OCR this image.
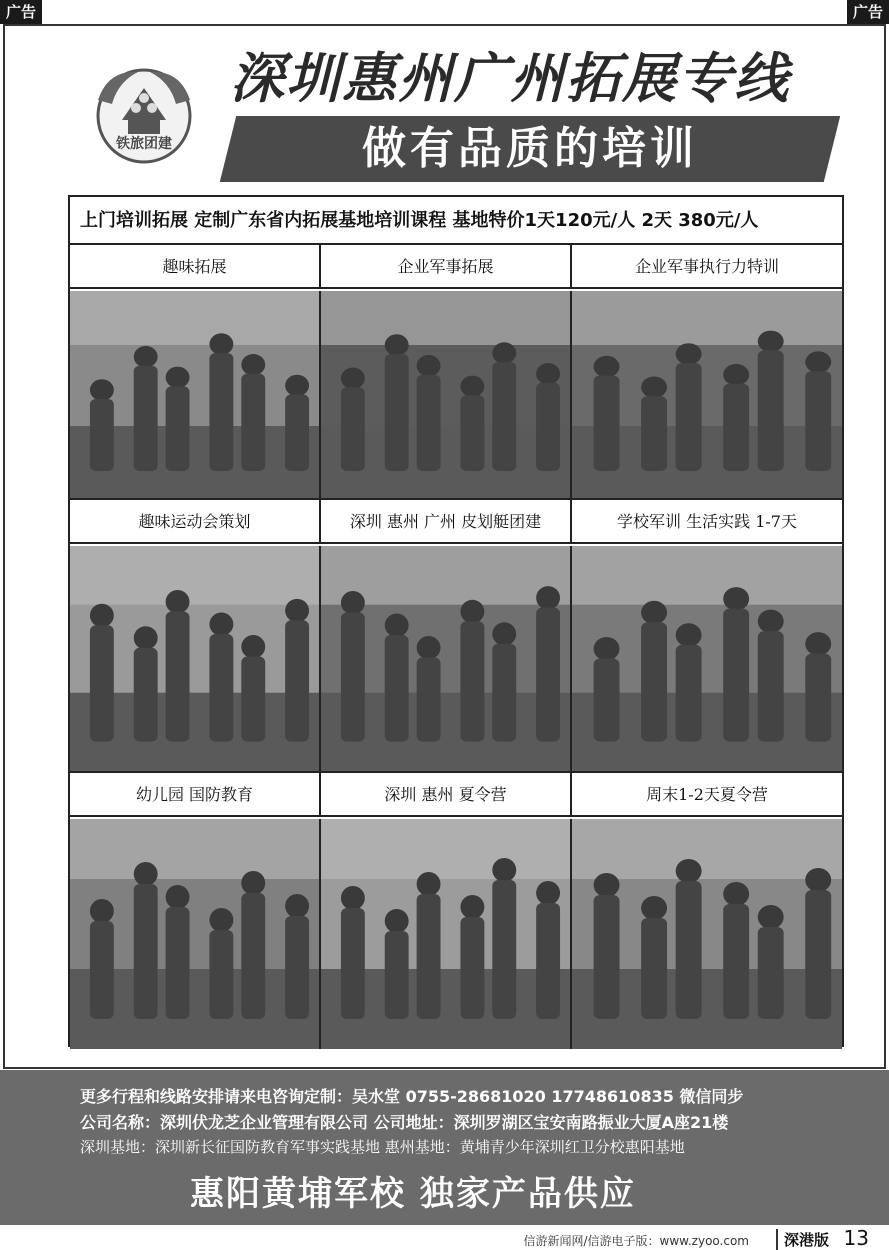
广告	广告
铁旅团建
深圳惠州广州拓展专线
做有品质的培训
上门培训拓展 定制广东省内拓展基地培训课程 基地特价1天120元/人 2天 380元/人
趣味拓展	企业军事拓展	企业军事执行力特训
趣味运动会策划	深圳 惠州 广州 皮划艇团建	学校军训 生活实践 1-7天
幼儿园 国防教育	深圳 惠州 夏令营	周末1-2天夏令营
更多行程和线路安排请来电咨询定制：吴水堂 0755-28681020 17748610835 微信同步
公司名称：深圳伏龙芝企业管理有限公司 公司地址：深圳罗湖区宝安南路振业大厦A座21楼
深圳基地：深圳新长征国防教育军事实践基地 惠州基地：黄埔青少年深圳红卫分校惠阳基地
惠阳黄埔军校 独家产品供应
信游新闻网/信游电子版：www.zyoo.com	深港版 13
